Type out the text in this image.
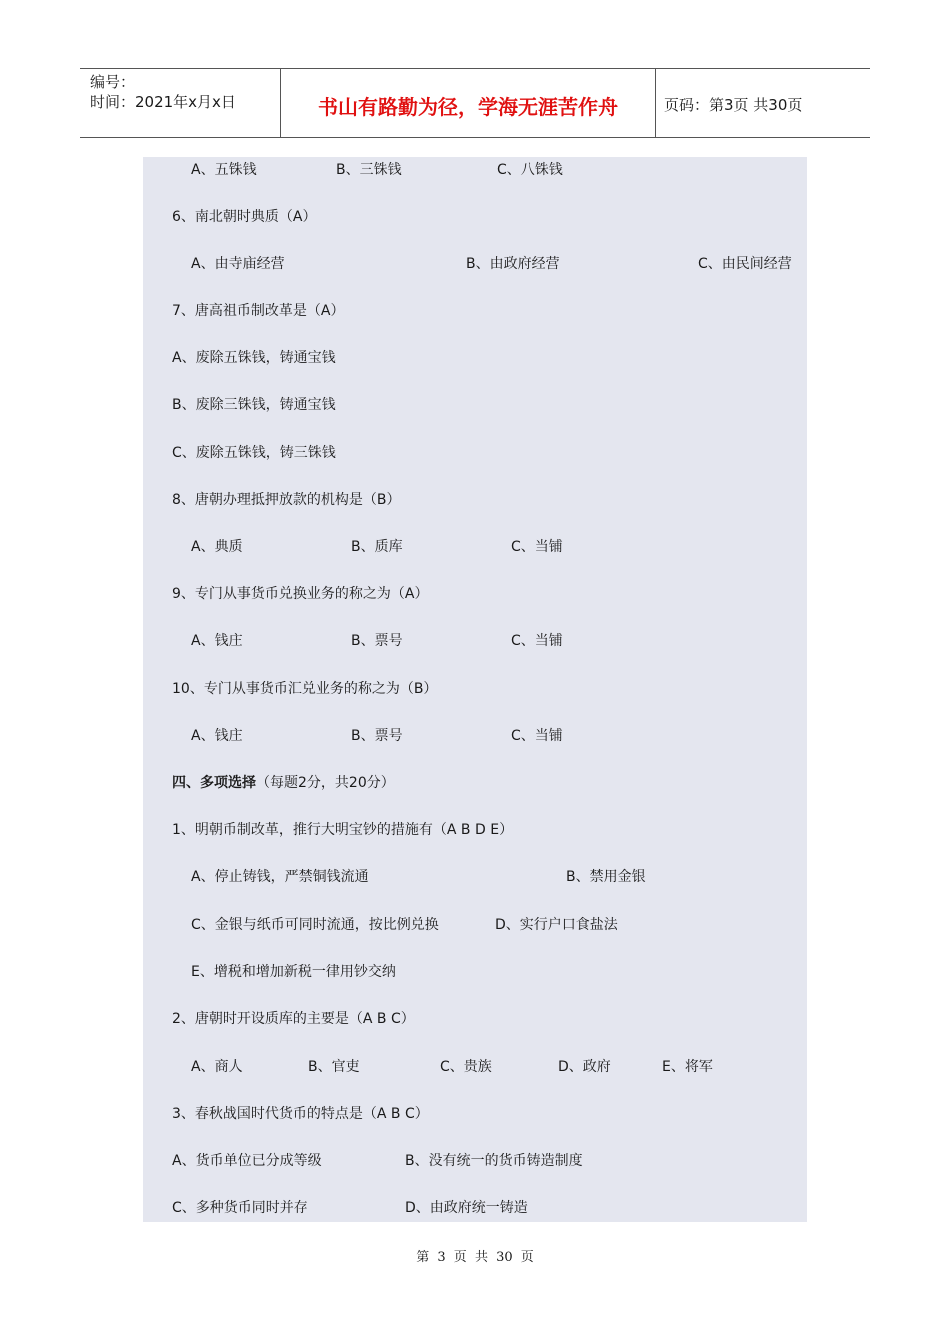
编号：
时间：2021年x月x日	书山有路勤为径，学海无涯苦作舟	页码：第3页 共30页
A、五铢钱	B、三铢钱	C、八铢钱
6、南北朝时典质（A）
A、由寺庙经营	B、由政府经营	C、由民间经营
7、唐高祖币制改革是（A）
A、废除五铢钱，铸通宝钱
B、废除三铢钱，铸通宝钱
C、废除五铢钱，铸三铢钱
8、唐朝办理抵押放款的机构是（B）
A、典质	B、质库	C、当铺
9、专门从事货币兑换业务的称之为（A）
A、钱庄	B、票号	C、当铺
10、专门从事货币汇兑业务的称之为（B）
A、钱庄	B、票号	C、当铺
四、多项选择（每题2分，共20分）
1、明朝币制改革，推行大明宝钞的措施有（A B D E）
A、停止铸钱，严禁铜钱流通	B、禁用金银
C、金银与纸币可同时流通，按比例兑换	D、实行户口食盐法
E、增税和增加新税一律用钞交纳
2、唐朝时开设质库的主要是（A B C）
A、商人	B、官吏	C、贵族	D、政府	E、将军
3、春秋战国时代货币的特点是（A B C）
A、货币单位已分成等级	B、没有统一的货币铸造制度
C、多种货币同时并存	D、由政府统一铸造
第 3 页 共 30 页
